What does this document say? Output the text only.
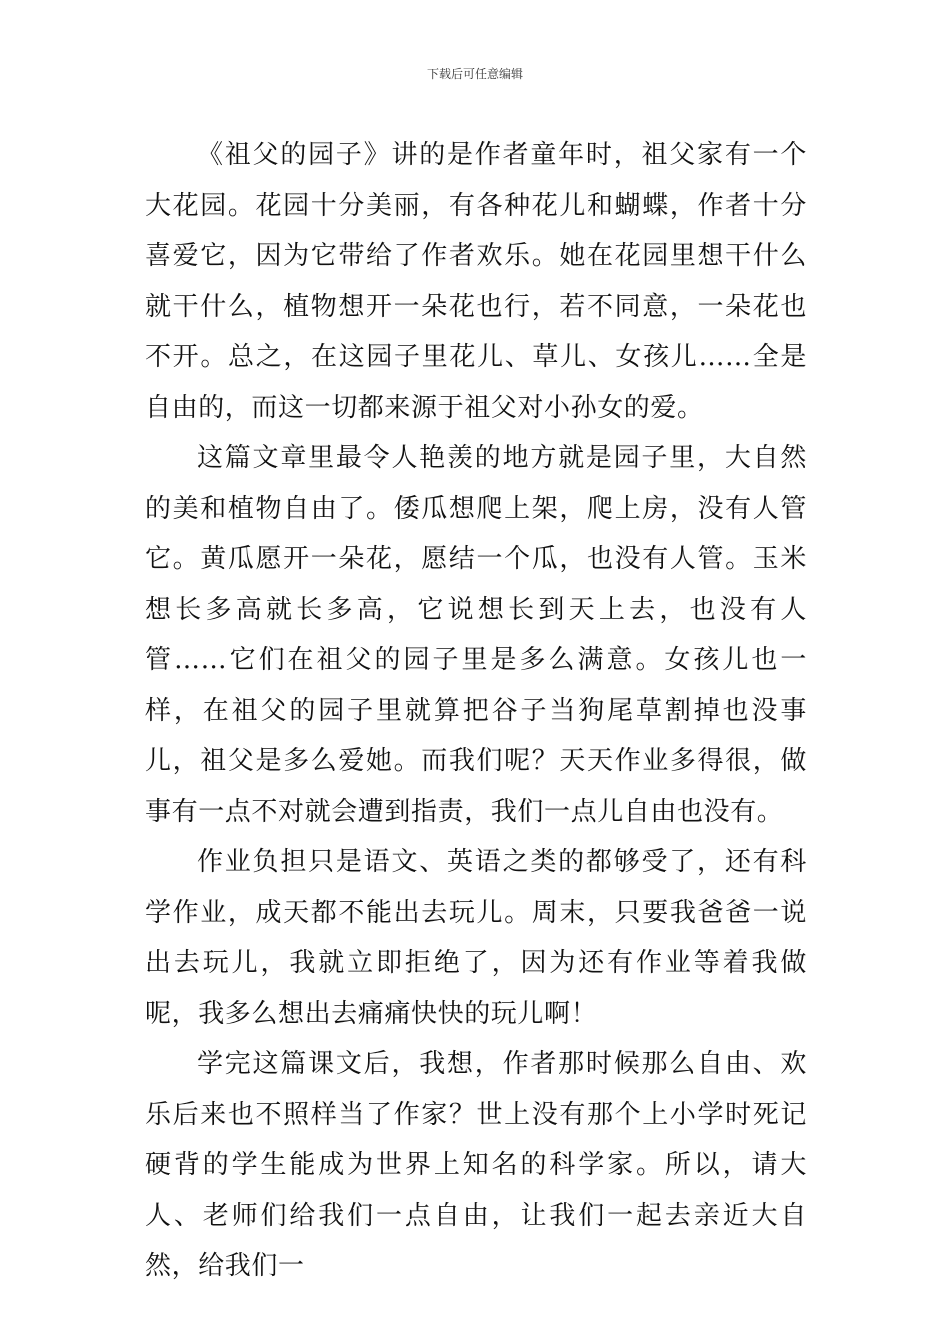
下载后可任意编辑

《祖父的园子》讲的是作者童年时，祖父家有一个大花园。花园十分美丽，有各种花儿和蝴蝶，作者十分喜爱它，因为它带给了作者欢乐。她在花园里想干什么就干什么，植物想开一朵花也行，若不同意，一朵花也不开。总之，在这园子里花儿、草儿、女孩儿……全是自由的，而这一切都来源于祖父对小孙女的爱。

这篇文章里最令人艳羡的地方就是园子里，大自然的美和植物自由了。倭瓜想爬上架，爬上房，没有人管它。黄瓜愿开一朵花，愿结一个瓜，也没有人管。玉米想长多高就长多高，它说想长到天上去，也没有人管……它们在祖父的园子里是多么满意。女孩儿也一样，在祖父的园子里就算把谷子当狗尾草割掉也没事儿，祖父是多么爱她。而我们呢？天天作业多得很，做事有一点不对就会遭到指责，我们一点儿自由也没有。

作业负担只是语文、英语之类的都够受了，还有科学作业，成天都不能出去玩儿。周末，只要我爸爸一说出去玩儿，我就立即拒绝了，因为还有作业等着我做呢，我多么想出去痛痛快快的玩儿啊！

学完这篇课文后，我想，作者那时候那么自由、欢乐后来也不照样当了作家？世上没有那个上小学时死记硬背的学生能成为世界上知名的科学家。所以，请大人、老师们给我们一点自由，让我们一起去亲近大自然，给我们一
